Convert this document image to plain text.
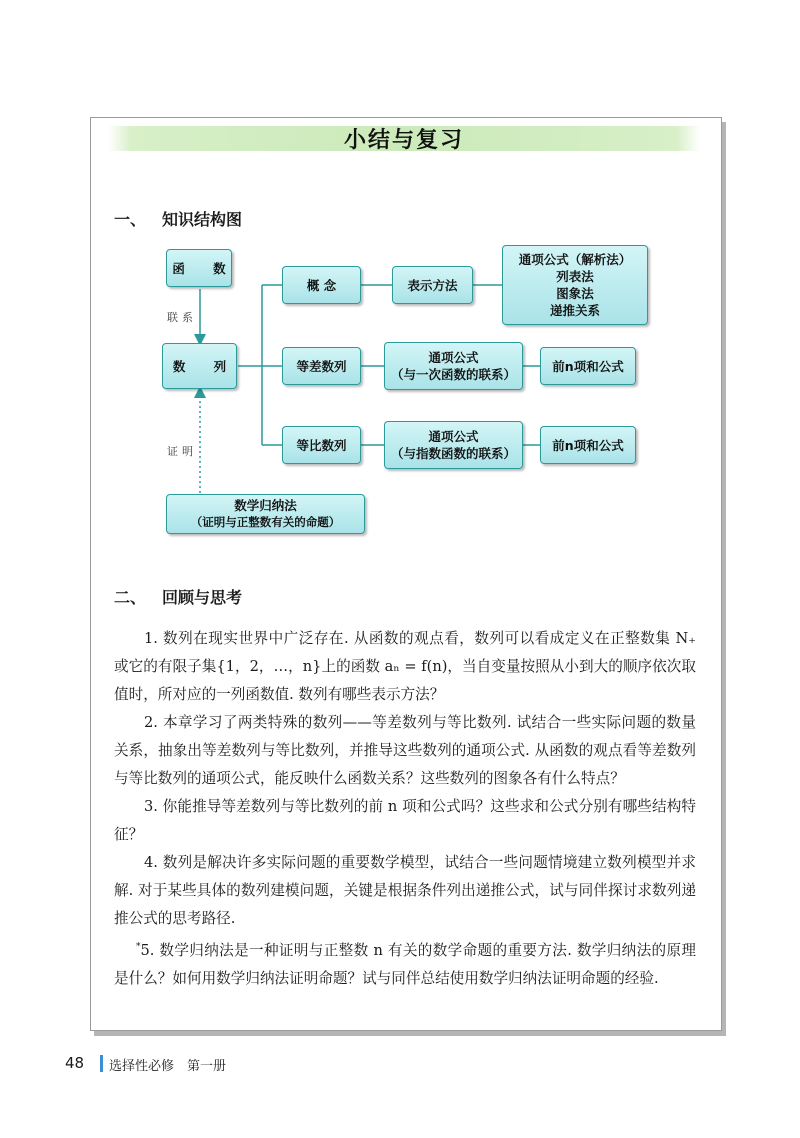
小结与复习
一、 知识结构图
函 数
联系
数 列
证明
数学归纳法
（证明与正整数有关的命题）
概 念	表示方法
通项公式（解析法）
列表法
图象法
递推关系
等差数列
通项公式
（与一次函数的联系）
前n项和公式
等比数列
通项公式
（与指数函数的联系）
前n项和公式
二、 回顾与思考

1. 数列在现实世界中广泛存在. 从函数的观点看，数列可以看成定义在正整数集 N₊ 或它的有限子集{1，2，…，n}上的函数 aₙ = f(n)，当自变量按照从小到大的顺序依次取值时，所对应的一列函数值. 数列有哪些表示方法？

2. 本章学习了两类特殊的数列——等差数列与等比数列. 试结合一些实际问题的数量关系，抽象出等差数列与等比数列，并推导这些数列的通项公式. 从函数的观点看等差数列与等比数列的通项公式，能反映什么函数关系？这些数列的图象各有什么特点？

3. 你能推导等差数列与等比数列的前 n 项和公式吗？这些求和公式分别有哪些结构特征？

4. 数列是解决许多实际问题的重要数学模型，试结合一些问题情境建立数列模型并求解. 对于某些具体的数列建模问题，关键是根据条件列出递推公式，试与同伴探讨求数列递推公式的思考路径.

*5. 数学归纳法是一种证明与正整数 n 有关的数学命题的重要方法. 数学归纳法的原理是什么？如何用数学归纳法证明命题？试与同伴总结使用数学归纳法证明命题的经验.

48 选择性必修　第一册
